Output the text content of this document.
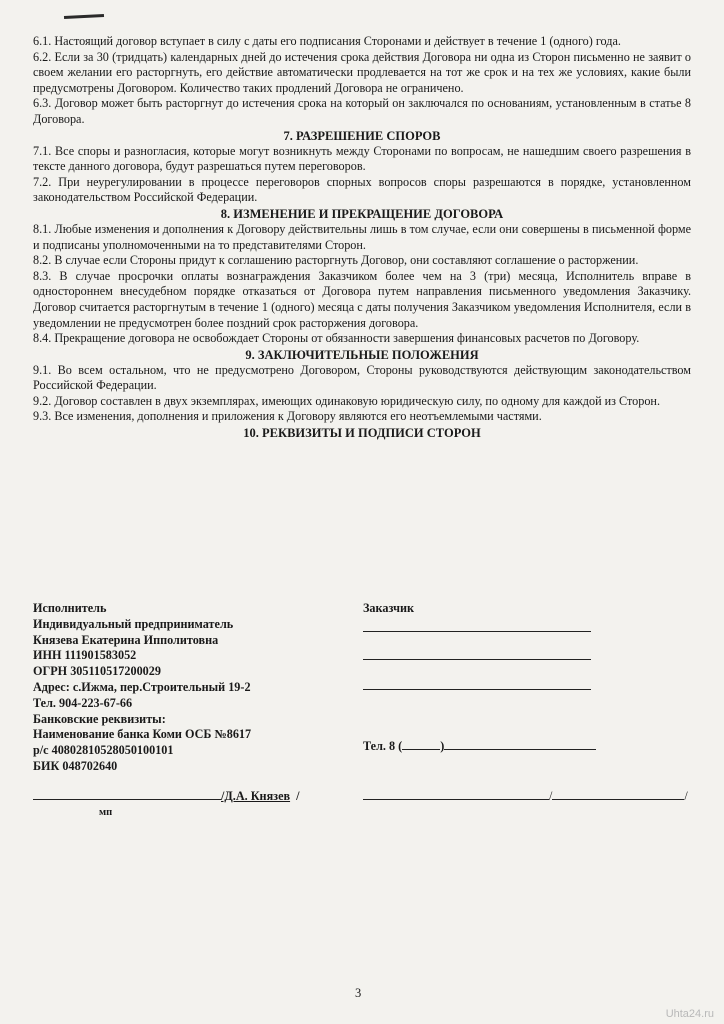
6.1. Настоящий договор вступает в силу с даты его подписания Сторонами и действует в течение 1 (одного) года.

6.2. Если за 30 (тридцать) календарных дней до истечения срока действия Договора ни одна из Сторон письменно не заявит о своем желании его расторгнуть, его действие автоматически продлевается на тот же срок и на тех же условиях, какие были предусмотрены Договором. Количество таких продлений Договора не ограничено.

6.3. Договор может быть расторгнут до истечения срока на который он заключался по основаниям, установленным в статье 8 Договора.

7. РАЗРЕШЕНИЕ СПОРОВ

7.1. Все споры и разногласия, которые могут возникнуть между Сторонами по вопросам, не нашедшим своего разрешения в тексте данного договора, будут разрешаться путем переговоров.

7.2. При неурегулировании в процессе переговоров спорных вопросов споры разрешаются в порядке, установленном законодательством Российской Федерации.

8. ИЗМЕНЕНИЕ И ПРЕКРАЩЕНИЕ ДОГОВОРА

8.1. Любые изменения и дополнения к Договору действительны лишь в том случае, если они совершены в письменной форме и подписаны уполномоченными на то представителями Сторон.

8.2. В случае если Стороны придут к соглашению расторгнуть Договор, они составляют соглашение о расторжении.

8.3. В случае просрочки оплаты вознаграждения Заказчиком более чем на 3 (три) месяца, Исполнитель вправе в одностороннем внесудебном порядке отказаться от Договора путем направления письменного уведомления Заказчику. Договор считается расторгнутым в течение 1 (одного) месяца с даты получения Заказчиком уведомления Исполнителя, если в уведомлении не предусмотрен более поздний срок расторжения договора.

8.4. Прекращение договора не освобождает Стороны от обязанности завершения финансовых расчетов по Договору.

9. ЗАКЛЮЧИТЕЛЬНЫЕ ПОЛОЖЕНИЯ

9.1. Во всем остальном, что не предусмотрено Договором, Стороны руководствуются действующим законодательством Российской Федерации.

9.2. Договор составлен в двух экземплярах, имеющих одинаковую юридическую силу, по одному для каждой из Сторон.

9.3. Все изменения, дополнения и приложения к Договору являются его неотъемлемыми частями.

10. РЕКВИЗИТЫ И ПОДПИСИ СТОРОН
Исполнитель
Индивидуальный предприниматель
Князева Екатерина Ипполитовна
ИНН 111901583052
ОГРН 305110517200029
Адрес: с.Ижма, пер.Строительный 19-2
Тел. 904-223-67-66
Банковские реквизиты:
Наименование банка Коми ОСБ №8617
р/с 40802810528050100101
БИК 048702640
Заказчик
Тел. 8 (	)
/Д.А. Князев /
мп
/	/
3
Uhta24.ru
